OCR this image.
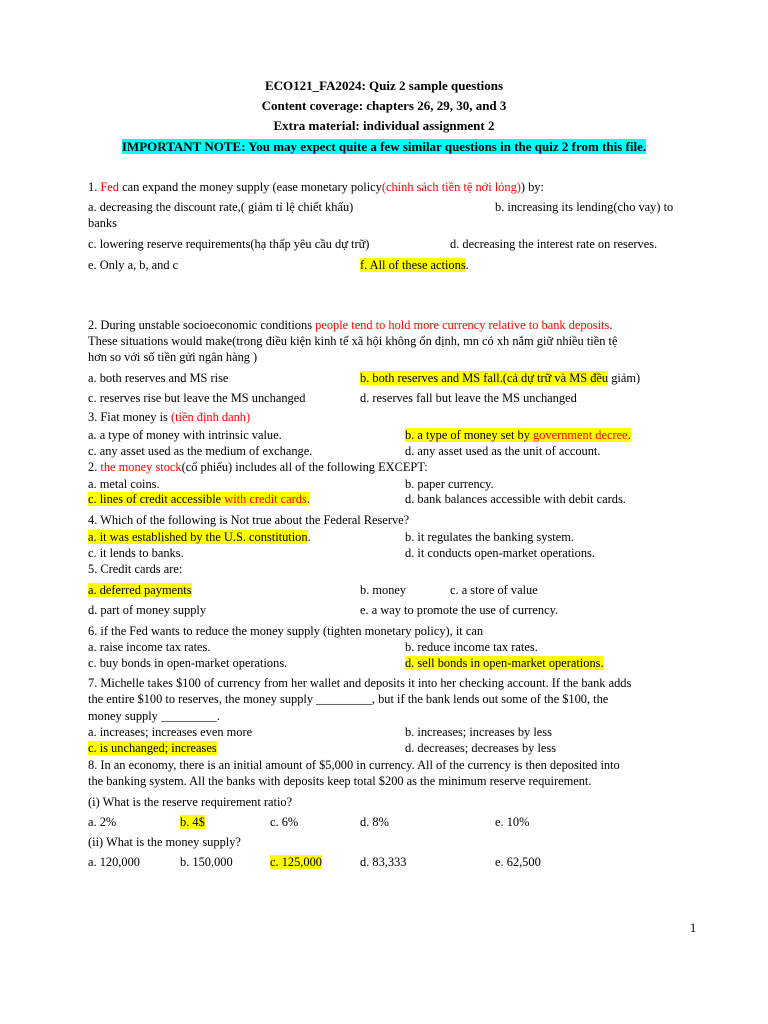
ECO121_FA2024: Quiz 2 sample questions
Content coverage: chapters 26, 29, 30, and 3
Extra material: individual assignment 2
IMPORTANT NOTE: You may expect quite a few similar questions in the quiz 2 from this file.
1. Fed can expand the money supply (ease monetary policy(chính sách tiền tệ nới lỏng)) by:
a. decreasing the discount rate,( giảm tỉ lệ chiết khấu)	b. increasing its lending(cho vay) to
banks
c. lowering reserve requirements(hạ thấp yêu cầu dự trữ)	d. decreasing the interest rate on reserves.
e. Only a, b, and c	f. All of these actions.
2. During unstable socioeconomic conditions people tend to hold more currency relative to bank deposits.
These situations would make(trong điều kiện kinh tế xã hội không ổn định, mn có xh nắm giữ nhiều tiền tệ
hơn so với số tiền gửi ngân hàng )
a. both reserves and MS rise	b. both reserves and MS fall.(cả dự trữ và MS đều giảm)
c. reserves rise but leave the MS unchanged	d. reserves fall but leave the MS unchanged
3. Fiat money is (tiền định danh)
a. a type of money with intrinsic value.	b. a type of money set by government decree.
c. any asset used as the medium of exchange.	d. any asset used as the unit of account.
2. the money stock(cổ phiếu) includes all of the following EXCEPT:
a. metal coins.	b. paper currency.
c. lines of credit accessible with credit cards.	d. bank balances accessible with debit cards.
4. Which of the following is Not true about the Federal Reserve?
a. it was established by the U.S. constitution.	b. it regulates the banking system.
c. it lends to banks.	d. it conducts open-market operations.
5. Credit cards are:
a. deferred payments	b. money	c. a store of value
d. part of money supply	e. a way to promote the use of currency.
6. if the Fed wants to reduce the money supply (tighten monetary policy), it can
a. raise income tax rates.	b. reduce income tax rates.
c. buy bonds in open-market operations.	d. sell bonds in open-market operations.
7. Michelle takes $100 of currency from her wallet and deposits it into her checking account. If the bank adds
the entire $100 to reserves, the money supply _________, but if the bank lends out some of the $100, the
money supply _________.
a. increases; increases even more	b. increases; increases by less
c. is unchanged; increases	d. decreases; decreases by less
8. In an economy, there is an initial amount of $5,000 in currency. All of the currency is then deposited into
the banking system. All the banks with deposits keep total $200 as the minimum reserve requirement.
(i) What is the reserve requirement ratio?
a. 2%	b. 4$	c. 6%	d. 8%	e. 10%
(ii) What is the money supply?
a. 120,000	b. 150,000	c. 125,000	d. 83,333	e. 62,500
1
